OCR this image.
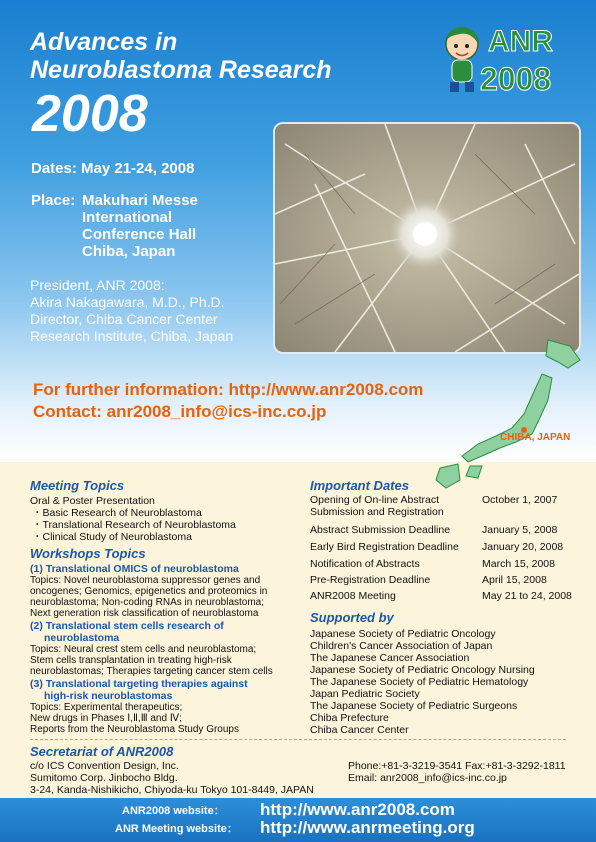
Advances in
Neuroblastoma Research
2008
ANR
2008
Dates: May 21-24, 2008
Place: Makuhari Messe
International
Conference Hall
Chiba, Japan
President, ANR 2008:
Akira Nakagawara, M.D., Ph.D.
Director, Chiba Cancer Center
Research Institute, Chiba, Japan
For further information: http://www.anr2008.com
Contact: anr2008_info@ics-inc.co.jp
CHIBA, JAPAN
Meeting Topics
Oral & Poster Presentation
・Basic Research of Neuroblastoma
・Translational Research of Neuroblastoma
・Clinical Study of Neuroblastoma
Workshops Topics
(1) Translational OMICS of neuroblastoma
Topics: Novel neuroblastoma suppressor genes and
oncogenes; Genomics, epigenetics and proteomics in
neuroblastoma; Non-coding RNAs in neuroblastoma;
Next generation risk classification of neuroblastoma
(2) Translational stem cells research of
neuroblastoma
Topics: Neural crest stem cells and neuroblastoma;
Stem cells transplantation in treating high-risk
neuroblastomas; Therapies targeting cancer stem cells
(3) Translational targeting therapies against
high-risk neuroblastomas
Topics: Experimental therapeutics;
New drugs in Phases Ⅰ,Ⅱ,Ⅲ and Ⅳ;
Reports from the Neuroblastoma Study Groups
Important Dates
Opening of On-line Abstract
Submission and Registration
October 1, 2007
Abstract Submission Deadline	January 5, 2008
Early Bird Registration Deadline January 20, 2008
Notification of Abstracts	March 15, 2008
Pre-Registration Deadline	April 15, 2008
ANR2008 Meeting	May 21 to 24, 2008
Supported by
Japanese Society of Pediatric Oncology
Children's Cancer Association of Japan
The Japanese Cancer Association
Japanese Society of Pediatric Oncology Nursing
The Japanese Society of Pediatric Hematology
Japan Pediatric Society
The Japanese Society of Pediatric Surgeons
Chiba Prefecture
Chiba Cancer Center
Secretariat of ANR2008
c/o ICS Convention Design, Inc.
Sumitomo Corp. Jinbocho Bldg.
3-24, Kanda-Nishikicho, Chiyoda-ku Tokyo 101-8449, JAPAN
Phone:+81-3-3219-3541 Fax:+81-3-3292-1811
Email: anr2008_info@ics-inc.co.jp
ANR2008 website： http://www.anr2008.com
ANR Meeting website： http://www.anrmeeting.org
